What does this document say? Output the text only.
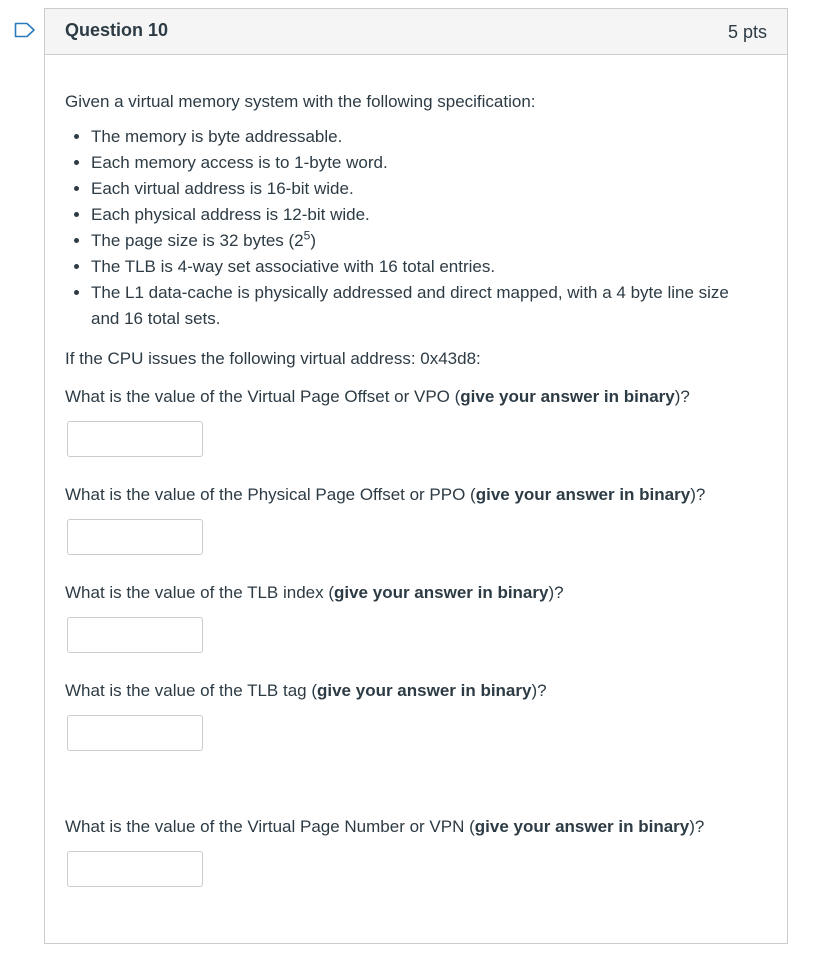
Question 10	5 pts
Given a virtual memory system with the following specification:
• The memory is byte addressable.
• Each memory access is to 1-byte word.
• Each virtual address is 16-bit wide.
• Each physical address is 12-bit wide.
• The page size is 32 bytes $(2^5)$
• The TLB is 4-way set associative with 16 total entries.
• The L1 data-cache is physically addressed and direct mapped, with a 4 byte line size and 16 total sets.
If the CPU issues the following virtual address: 0x43d8:
What is the value of the Virtual Page Offset or VPO (give your answer in binary)?
What is the value of the Physical Page Offset or PPO (give your answer in binary)?
What is the value of the TLB index (give your answer in binary)?
What is the value of the TLB tag (give your answer in binary)?
What is the value of the Virtual Page Number or VPN (give your answer in binary)?
